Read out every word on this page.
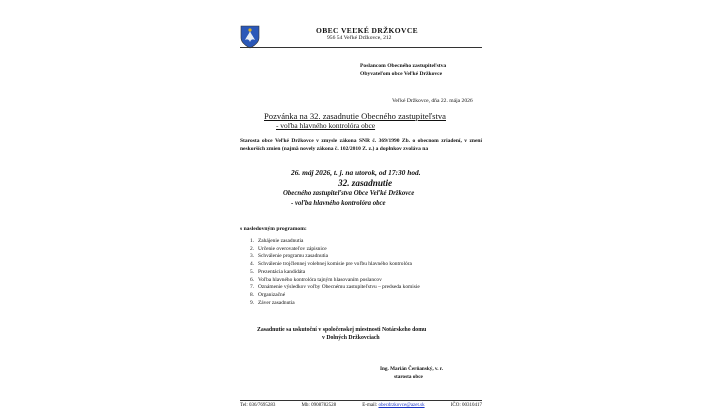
OBEC VEĽKÉ DRŽKOVCE
956 54 Veľké Držkovce, 212
Poslancom Obecného zastupiteľstva
Obyvateľom obce Veľké Držkovce
Veľké Držkovce, dňa 22. mája 2026
Pozvánka na 32. zasadnutie Obecného zastupiteľstva
- voľba hlavného kontrolóra obce
Starosta obce Veľké Držkovce v zmysle zákona SNR č. 369/1990 Zb. o obecnom zriadení, v znení neskorších zmien (najmä novely zákona č. 102/2010 Z. z.) a doplnkov zvoláva na
26. máj 2026, t. j. na utorok, od 17:30 hod.
32. zasadnutie
Obecného zastupiteľstva Obce Veľké Držkovce
- voľba hlavného kontrolóra obce
s nasledovným programom:
1. Zahájenie zasadnutia
2. Určenie overovateľov zápisnice
3. Schválenie programu zasadnutia
4. Schválenie trojčlennej volebnej komisie pre voľbu hlavného kontrolóra
5. Prezentácia kandidáta
6. Voľba hlavného kontrolóra tajným hlasovaním poslancov
7. Oznámenie výsledkov voľby Obecnému zastupiteľstvu – predseda komisie
8. Organizačné
9. Záver zasadnutia
Zasadnutie sa uskutoční v spoločenskej miestnosti Notárskeho domu
v Dolných Držkovciach
Ing. Marián Čerňanský, v. r.
starosta obce
Tel: 036/7695283	Mb: 0908782528	E-mail: obecdrzkovce@azet.sk	IČO: 00310417
